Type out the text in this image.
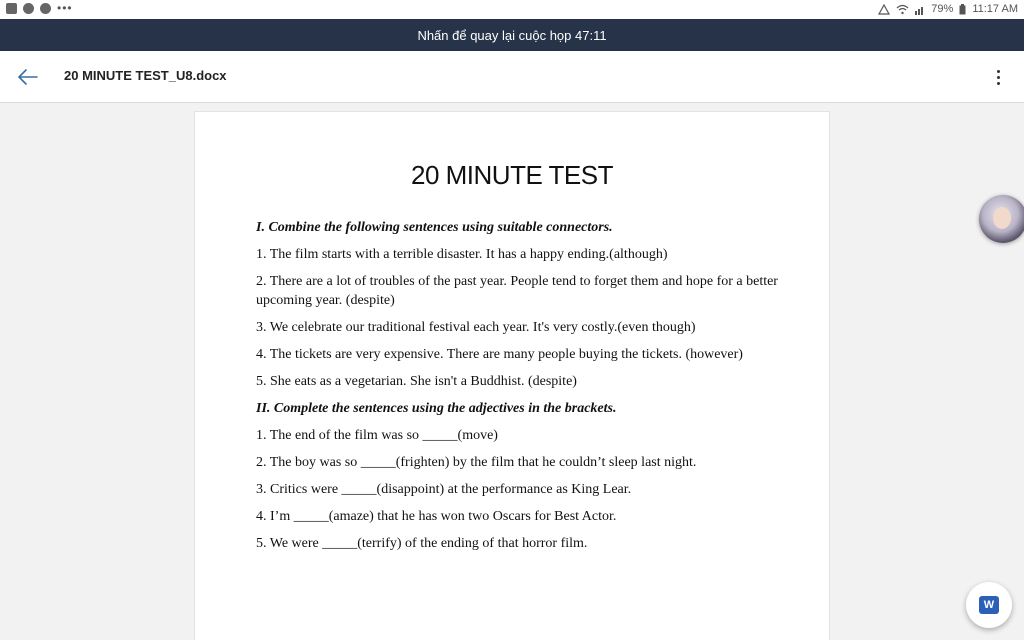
•••	79% 11:17 AM
Nhấn để quay lại cuộc họp 47:11
20 MINUTE TEST_U8.docx
20 MINUTE TEST
I. Combine the following sentences using suitable connectors.
1. The film starts with a terrible disaster. It has a happy ending.(although)
2. There are a lot of troubles of the past year. People tend to forget them and hope for a better upcoming year. (despite)
3. We celebrate our traditional festival each year. It's very costly.(even though)
4. The tickets are very expensive. There are many people buying the tickets. (however)
5. She eats as a vegetarian. She isn't a Buddhist. (despite)
II. Complete the sentences using the adjectives in the brackets.
1. The end of the film was so _____(move)
2. The boy was so _____(frighten) by the film that he couldn’t sleep last night.
3. Critics were _____(disappoint) at the performance as King Lear.
4. I’m _____(amaze) that he has won two Oscars for Best Actor.
5. We were _____(terrify) of the ending of that horror film.
W
